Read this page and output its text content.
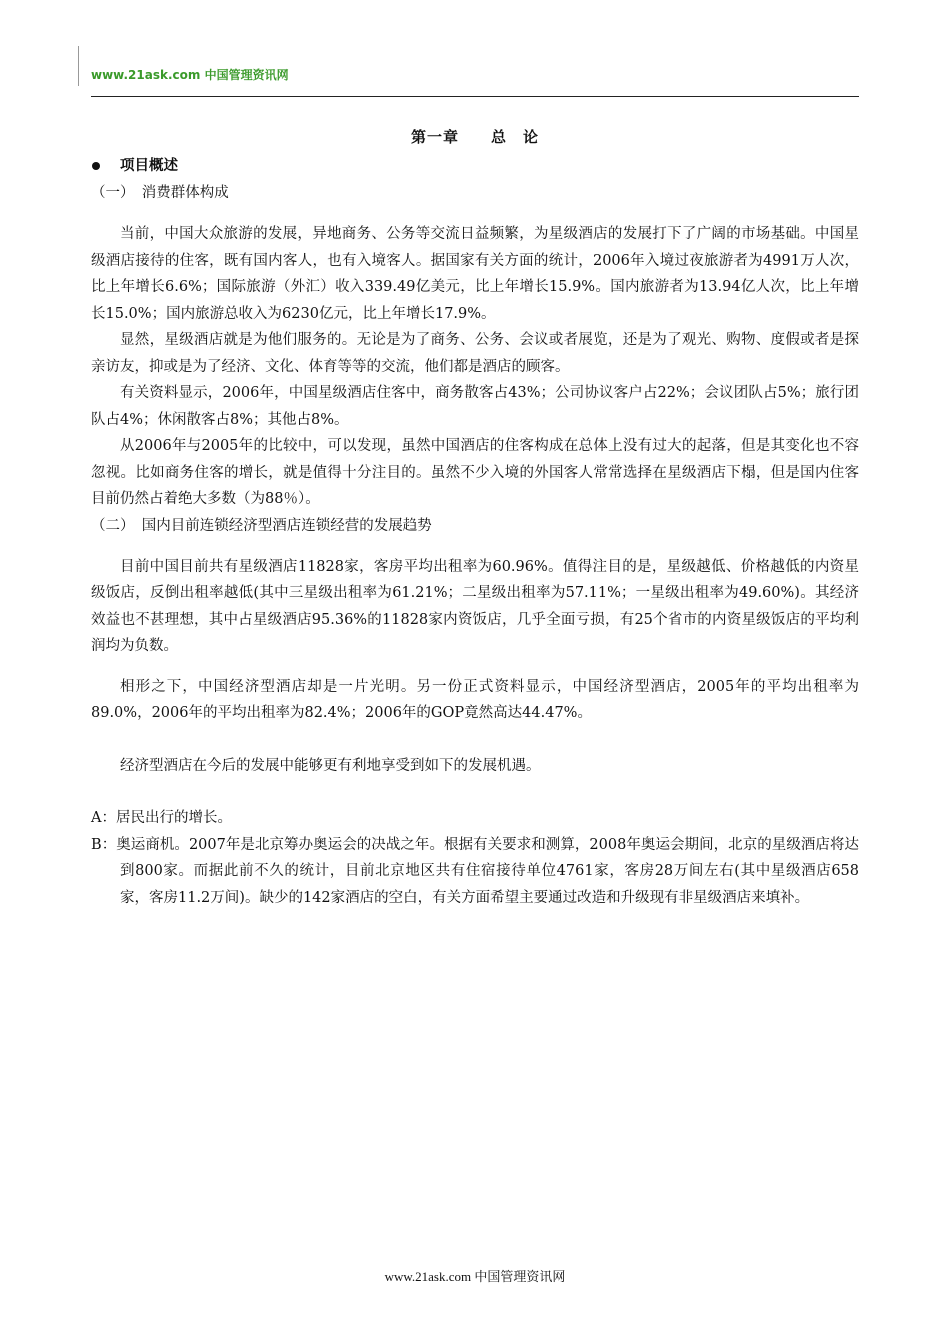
www.21ask.com 中国管理资讯网
第一章　　总　论
项目概述
（一）　消费群体构成

当前，中国大众旅游的发展，异地商务、公务等交流日益频繁，为星级酒店的发展打下了广阔的市场基础。中国星级酒店接待的住客，既有国内客人，也有入境客人。据国家有关方面的统计，2006年入境过夜旅游者为4991万人次，比上年增长6.6%；国际旅游（外汇）收入339.49亿美元，比上年增长15.9%。国内旅游者为13.94亿人次，比上年增长15.0%；国内旅游总收入为6230亿元，比上年增长17.9%。

显然，星级酒店就是为他们服务的。无论是为了商务、公务、会议或者展览，还是为了观光、购物、度假或者是探亲访友，抑或是为了经济、文化、体育等等的交流，他们都是酒店的顾客。

有关资料显示，2006年，中国星级酒店住客中，商务散客占43%；公司协议客户占22%；会议团队占5%；旅行团队占4%；休闲散客占8%；其他占8%。

从2006年与2005年的比较中，可以发现，虽然中国酒店的住客构成在总体上没有过大的起落，但是其变化也不容忽视。比如商务住客的增长，就是值得十分注目的。虽然不少入境的外国客人常常选择在星级酒店下榻，但是国内住客目前仍然占着绝大多数（为88％）。

（二）　国内目前连锁经济型酒店连锁经营的发展趋势

目前中国目前共有星级酒店11828家，客房平均出租率为60.96%。值得注目的是，星级越低、价格越低的内资星级饭店，反倒出租率越低(其中三星级出租率为61.21%；二星级出租率为57.11%；一星级出租率为49.60%)。其经济效益也不甚理想，其中占星级酒店95.36%的11828家内资饭店，几乎全面亏损，有25个省市的内资星级饭店的平均利润均为负数。

相形之下，中国经济型酒店却是一片光明。另一份正式资料显示，中国经济型酒店，2005年的平均出租率为89.0%，2006年的平均出租率为82.4%；2006年的GOP竟然高达44.47%。

经济型酒店在今后的发展中能够更有利地享受到如下的发展机遇。

A：居民出行的增长。

B：奥运商机。2007年是北京筹办奥运会的决战之年。根据有关要求和测算，2008年奥运会期间，北京的星级酒店将达到800家。而据此前不久的统计，目前北京地区共有住宿接待单位4761家，客房28万间左右(其中星级酒店658家，客房11.2万间)。缺少的142家酒店的空白，有关方面希望主要通过改造和升级现有非星级酒店来填补。

www.21ask.com 中国管理资讯网
